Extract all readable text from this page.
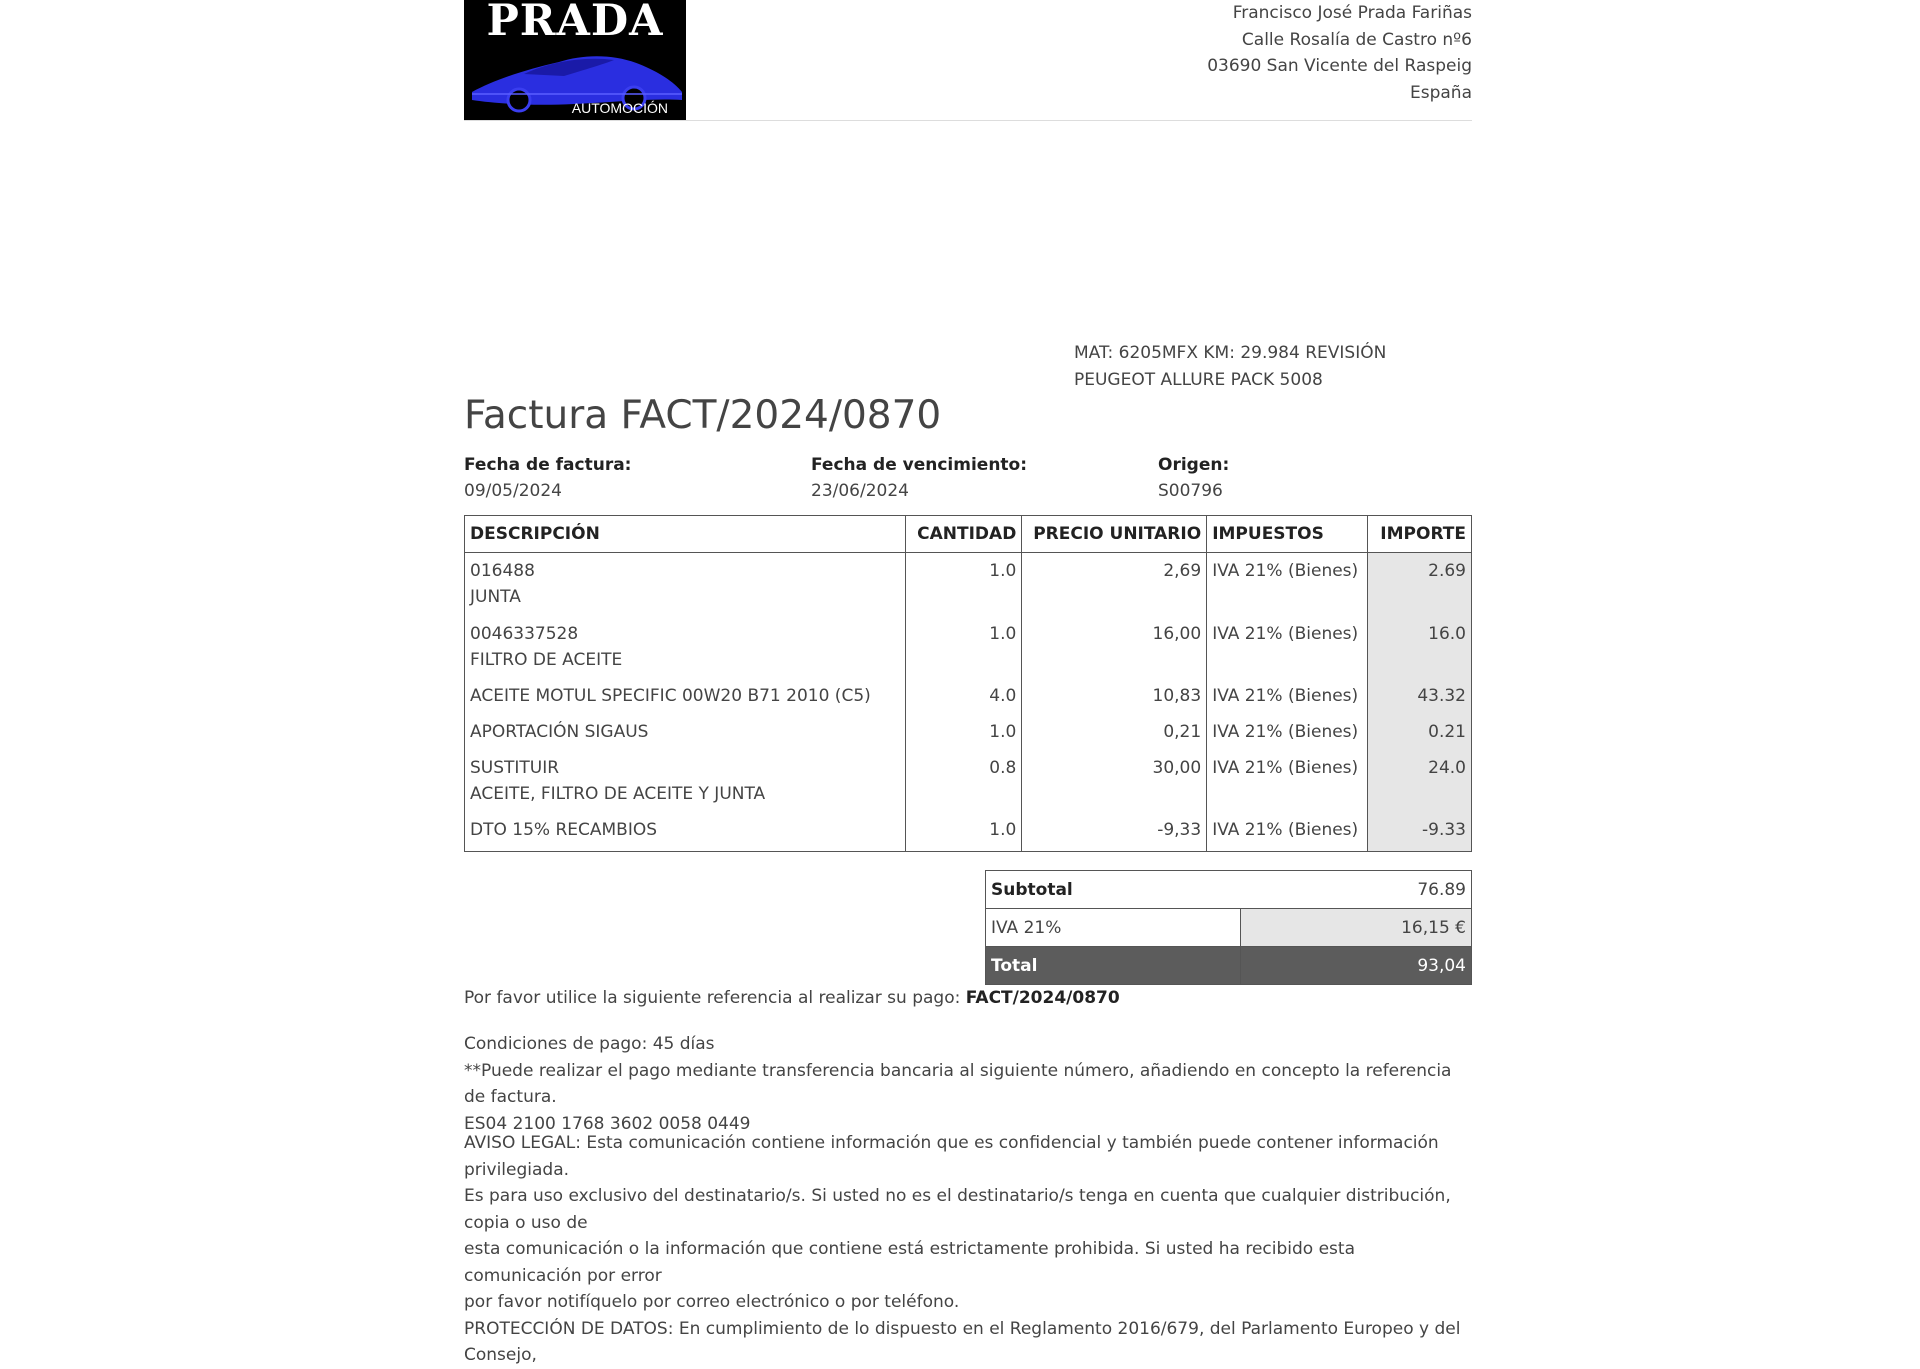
PRADA
AUTOMOCIÓN
Francisco José Prada Fariñas
Calle Rosalía de Castro nº6
03690 San Vicente del Raspeig
España
MAT: 6205MFX KM: 29.984 REVISIÓN
PEUGEOT ALLURE PACK 5008
Factura FACT/2024/0870
Fecha de factura:
09/05/2024
Fecha de vencimiento:
23/06/2024
Origen:
S00796
DESCRIPCIÓN	CANTIDAD	PRECIO UNITARIO	IMPUESTOS	IMPORTE

016488
JUNTA	1.0	2,69	IVA 21% (Bienes)	2.69

0046337528
FILTRO DE ACEITE	1.0	16,00	IVA 21% (Bienes)	16.0
ACEITE MOTUL SPECIFIC 00W20 B71 2010 (C5)	4.0	10,83	IVA 21% (Bienes)	43.32
APORTACIÓN SIGAUS	1.0	0,21	IVA 21% (Bienes)	0.21

SUSTITUIR
ACEITE, FILTRO DE ACEITE Y JUNTA	0.8	30,00	IVA 21% (Bienes)	24.0
DTO 15% RECAMBIOS	1.0	-9,33	IVA 21% (Bienes)	-9.33
Subtotal	76.89
IVA 21%	16,15 €
Total	93,04
Por favor utilice la siguiente referencia al realizar su pago: FACT/2024/0870
Condiciones de pago: 45 días
**Puede realizar el pago mediante transferencia bancaria al siguiente número, añadiendo en concepto la referencia de factura.
ES04 2100 1768 3602 0058 0449
AVISO LEGAL: Esta comunicación contiene información que es confidencial y también puede contener información privilegiada.
Es para uso exclusivo del destinatario/s. Si usted no es el destinatario/s tenga en cuenta que cualquier distribución, copia o uso de
esta comunicación o la información que contiene está estrictamente prohibida. Si usted ha recibido esta comunicación por error
por favor notifíquelo por correo electrónico o por teléfono.
PROTECCIÓN DE DATOS: En cumplimiento de lo dispuesto en el Reglamento 2016/679, del Parlamento Europeo y del Consejo,
